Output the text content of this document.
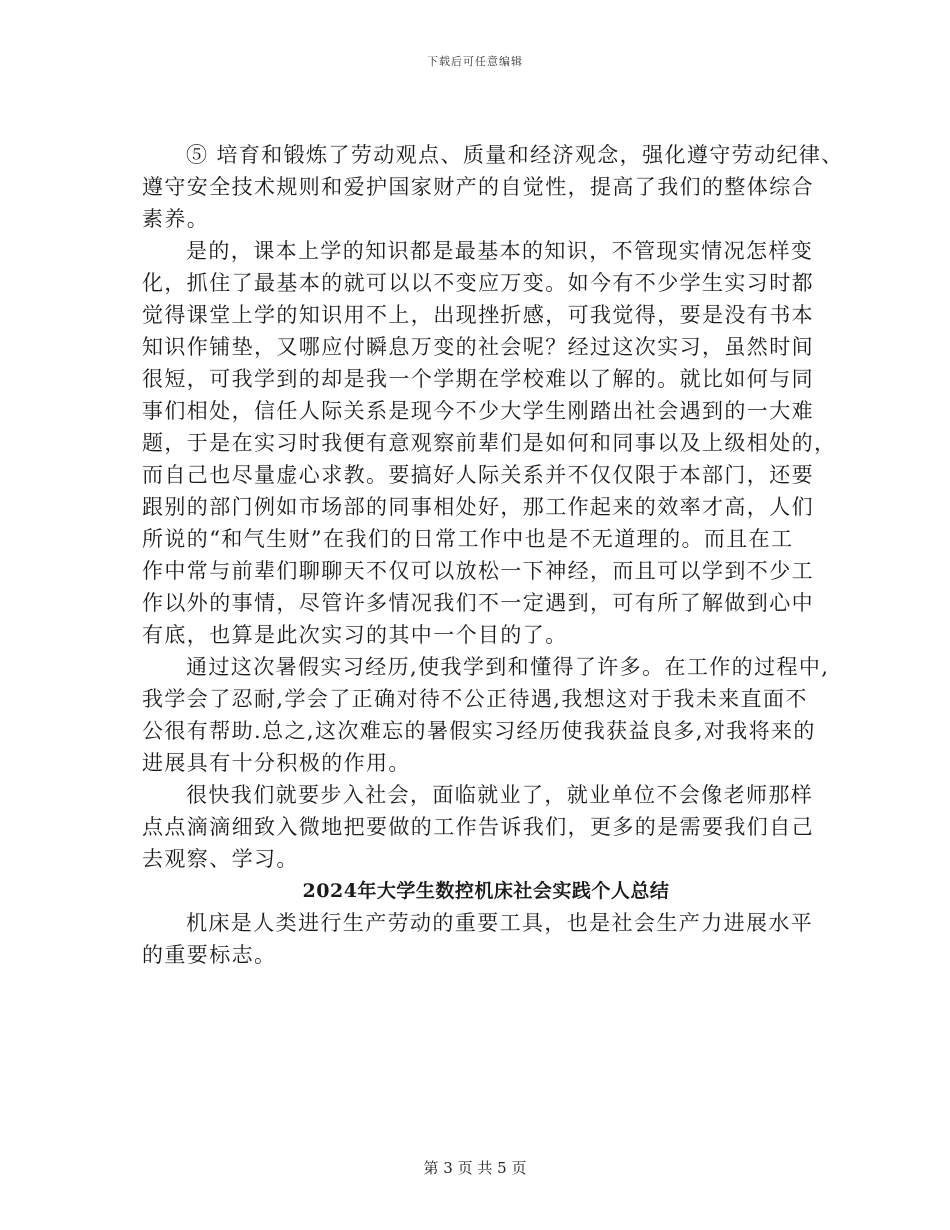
下载后可任意编辑
⑤ 培育和锻炼了劳动观点、质量和经济观念，强化遵守劳动纪律、
遵守安全技术规则和爱护国家财产的自觉性，提高了我们的整体综合
素养。
是的，课本上学的知识都是最基本的知识，不管现实情况怎样变
化，抓住了最基本的就可以以不变应万变。如今有不少学生实习时都
觉得课堂上学的知识用不上，出现挫折感，可我觉得，要是没有书本
知识作铺垫，又哪应付瞬息万变的社会呢？经过这次实习，虽然时间
很短，可我学到的却是我一个学期在学校难以了解的。就比如何与同
事们相处，信任人际关系是现今不少大学生刚踏出社会遇到的一大难
题，于是在实习时我便有意观察前辈们是如何和同事以及上级相处的，
而自己也尽量虚心求教。要搞好人际关系并不仅仅限于本部门，还要
跟别的部门例如市场部的同事相处好，那工作起来的效率才高，人们
所说的“和气生财”在我们的日常工作中也是不无道理的。而且在工
作中常与前辈们聊聊天不仅可以放松一下神经，而且可以学到不少工
作以外的事情，尽管许多情况我们不一定遇到，可有所了解做到心中
有底，也算是此次实习的其中一个目的了。
通过这次暑假实习经历,使我学到和懂得了许多。在工作的过程中,
我学会了忍耐,学会了正确对待不公正待遇,我想这对于我未来直面不
公很有帮助.总之,这次难忘的暑假实习经历使我获益良多,对我将来的
进展具有十分积极的作用。
很快我们就要步入社会，面临就业了，就业单位不会像老师那样
点点滴滴细致入微地把要做的工作告诉我们，更多的是需要我们自己
去观察、学习。
2024年大学生数控机床社会实践个人总结
机床是人类进行生产劳动的重要工具，也是社会生产力进展水平
的重要标志。
第 3 页 共 5 页
